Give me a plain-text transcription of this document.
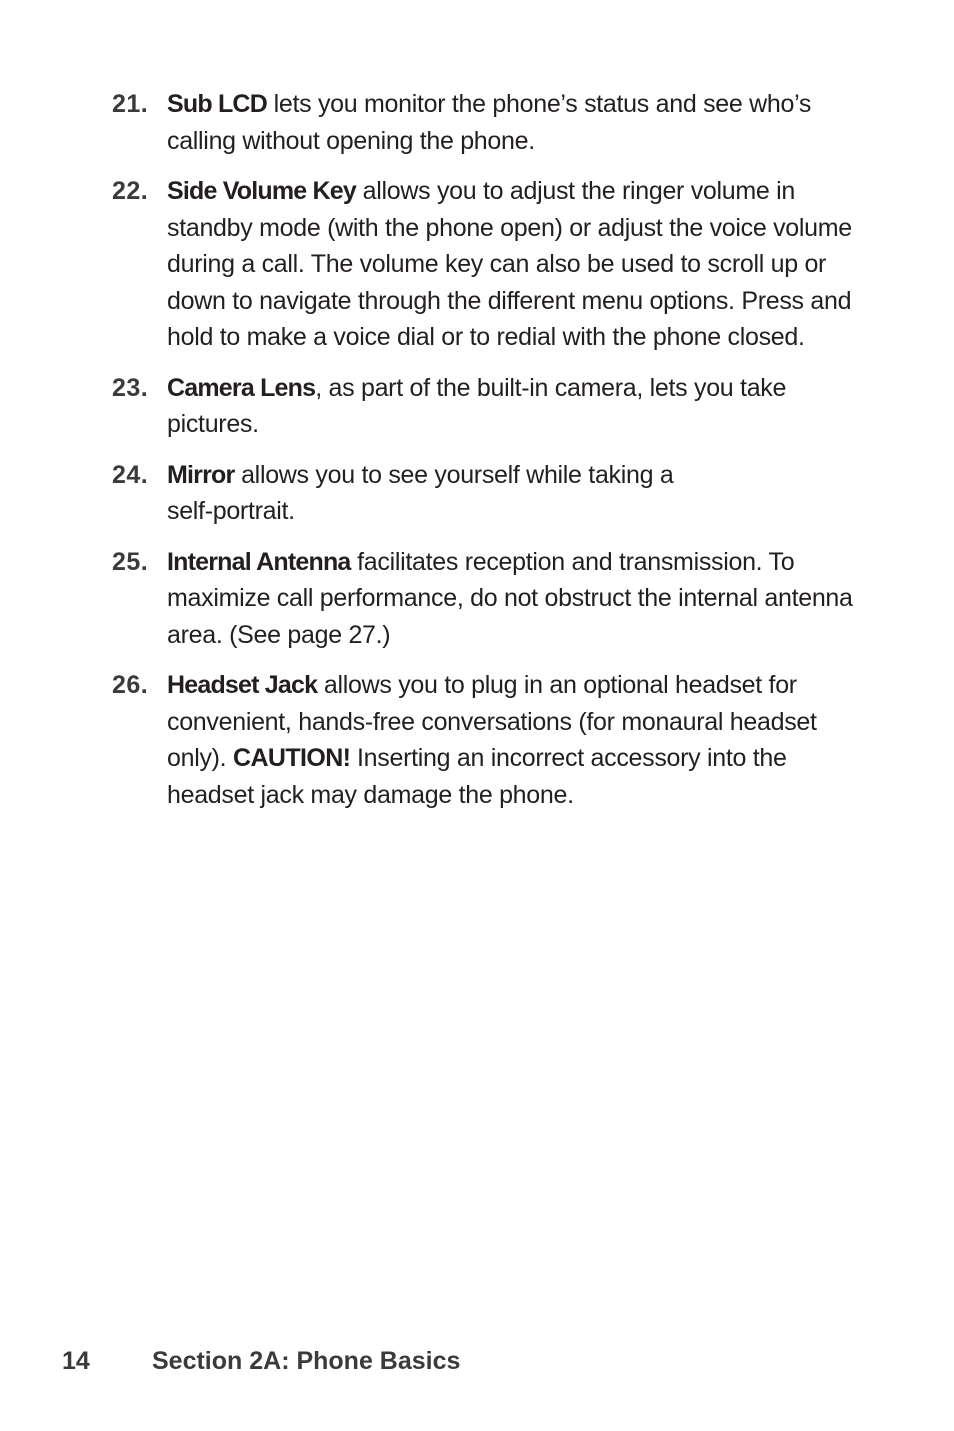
21. Sub LCD lets you monitor the phone’s status and see who’s calling without opening the phone.
22. Side Volume Key allows you to adjust the ringer volume in standby mode (with the phone open) or adjust the voice volume during a call. The volume key can also be used to scroll up or down to navigate through the different menu options. Press and hold to make a voice dial or to redial with the phone closed.
23. Camera Lens, as part of the built-in camera, lets you take pictures.
24. Mirror allows you to see yourself while taking a
self-portrait.
25. Internal Antenna facilitates reception and transmission. To maximize call performance, do not obstruct the internal antenna area. (See page 27.)
26. Headset Jack allows you to plug in an optional headset for convenient, hands-free conversations (for monaural headset only). CAUTION! Inserting an incorrect accessory into the headset jack may damage the phone.
14 Section 2A: Phone Basics
